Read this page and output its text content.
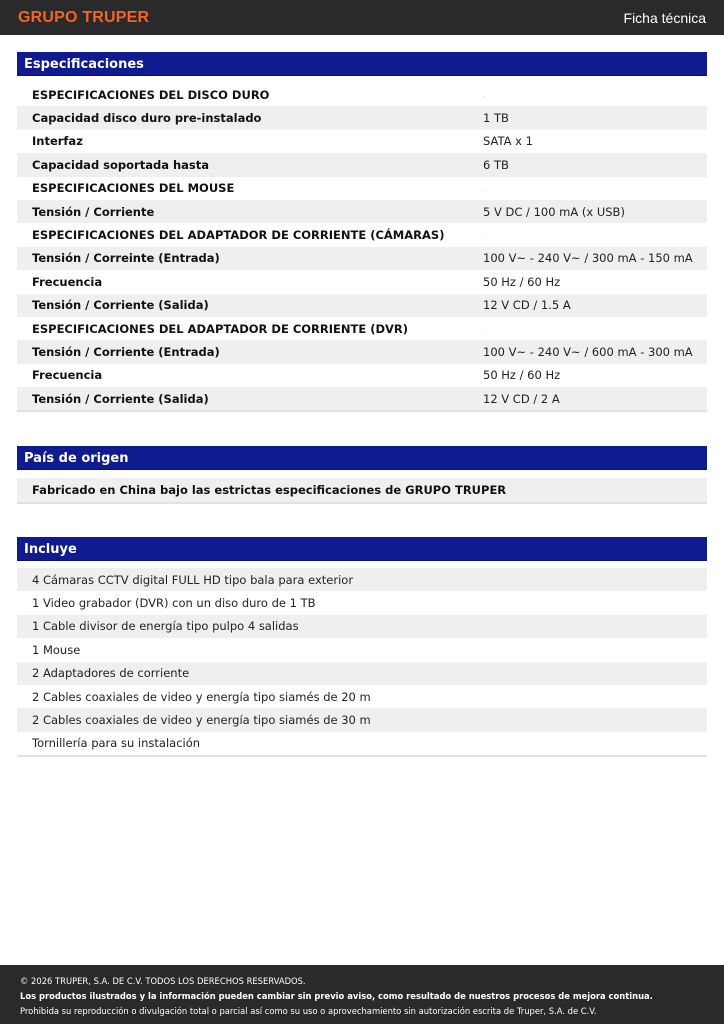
GRUPO TRUPER	Ficha técnica
Especificaciones
ESPECIFICACIONES DEL DISCO DURO	.
Capacidad disco duro pre-instalado	1 TB
Interfaz	SATA x 1
Capacidad soportada hasta	6 TB
ESPECIFICACIONES DEL MOUSE	.
Tensión / Corriente	5 V DC / 100 mA (x USB)
ESPECIFICACIONES DEL ADAPTADOR DE CORRIENTE (CÁMARAS)	.
Tensión / Correinte (Entrada)	100 V~ - 240 V~ / 300 mA - 150 mA
Frecuencia	50 Hz / 60 Hz
Tensión / Corriente (Salida)	12 V CD / 1.5 A
ESPECIFICACIONES DEL ADAPTADOR DE CORRIENTE (DVR)	.
Tensión / Corriente (Entrada)	100 V~ - 240 V~ / 600 mA - 300 mA
Frecuencia	50 Hz / 60 Hz
Tensión / Corriente (Salida)	12 V CD / 2 A
País de origen
Fabricado en China bajo las estrictas especificaciones de GRUPO TRUPER
Incluye
4 Cámaras CCTV digital FULL HD tipo bala para exterior
1 Video grabador (DVR) con un diso duro de 1 TB
1 Cable divisor de energía tipo pulpo 4 salidas
1 Mouse
2 Adaptadores de corriente
2 Cables coaxiales de video y energía tipo siamés de 20 m
2 Cables coaxiales de video y energía tipo siamés de 30 m
Tornillería para su instalación
© 2026 TRUPER, S.A. DE C.V. TODOS LOS DERECHOS RESERVADOS.
Los productos ilustrados y la información pueden cambiar sin previo aviso, como resultado de nuestros procesos de mejora continua.
Prohibida su reproducción o divulgación total o parcial así como su uso o aprovechamiento sin autorización escrita de Truper, S.A. de C.V.
